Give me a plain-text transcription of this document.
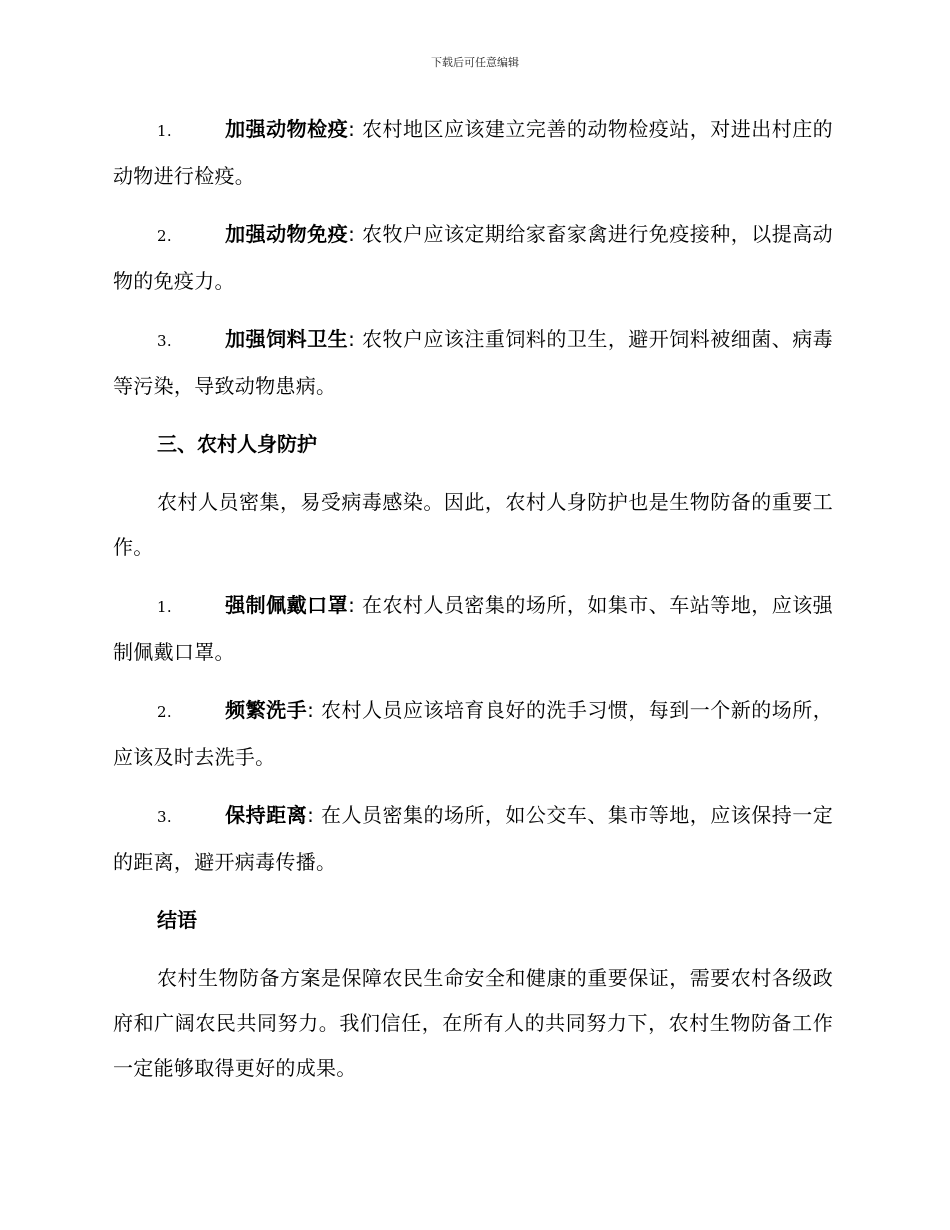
下载后可任意编辑

1.	加强动物检疫: 农村地区应该建立完善的动物检疫站，对进出村庄的动物进行检疫。

2.	加强动物免疫: 农牧户应该定期给家畜家禽进行免疫接种，以提高动物的免疫力。

3.	加强饲料卫生: 农牧户应该注重饲料的卫生，避开饲料被细菌、病毒等污染，导致动物患病。

三、农村人身防护

农村人员密集，易受病毒感染。因此，农村人身防护也是生物防备的重要工作。

1.	强制佩戴口罩: 在农村人员密集的场所，如集市、车站等地，应该强制佩戴口罩。

2.	频繁洗手: 农村人员应该培育良好的洗手习惯，每到一个新的场所，应该及时去洗手。

3.	保持距离: 在人员密集的场所，如公交车、集市等地，应该保持一定的距离，避开病毒传播。

结语

农村生物防备方案是保障农民生命安全和健康的重要保证，需要农村各级政府和广阔农民共同努力。我们信任，在所有人的共同努力下，农村生物防备工作一定能够取得更好的成果。
